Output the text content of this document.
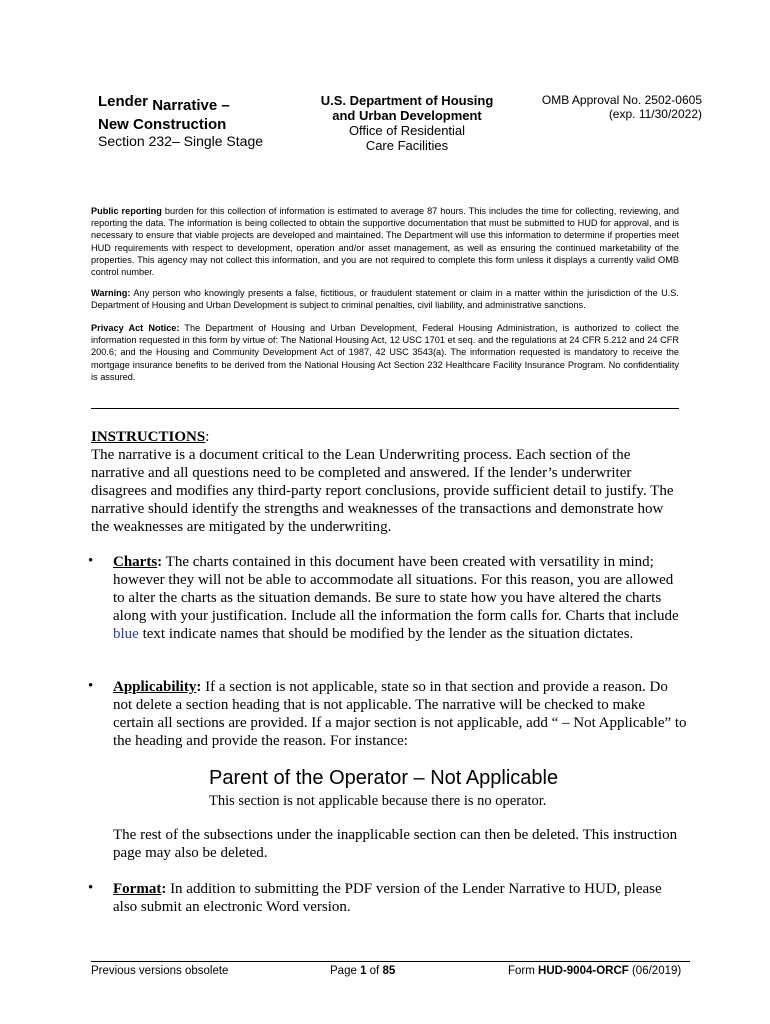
Lender Narrative –
New Construction
Section 232– Single Stage
U.S. Department of Housing
and Urban Development
Office of Residential
Care Facilities
OMB Approval No. 2502-0605
(exp. 11/30/2022)
Public reporting burden for this collection of information is estimated to average 87 hours. This includes the time for collecting, reviewing, and reporting the data. The information is being collected to obtain the supportive documentation that must be submitted to HUD for approval, and is necessary to ensure that viable projects are developed and maintained. The Department will use this information to determine if properties meet HUD requirements with respect to development, operation and/or asset management, as well as ensuring the continued marketability of the properties. This agency may not collect this information, and you are not required to complete this form unless it displays a currently valid OMB control number.
Warning: Any person who knowingly presents a false, fictitious, or fraudulent statement or claim in a matter within the jurisdiction of the U.S. Department of Housing and Urban Development is subject to criminal penalties, civil liability, and administrative sanctions.
Privacy Act Notice: The Department of Housing and Urban Development, Federal Housing Administration, is authorized to collect the information requested in this form by virtue of: The National Housing Act, 12 USC 1701 et seq. and the regulations at 24 CFR 5.212 and 24 CFR 200.6; and the Housing and Community Development Act of 1987, 42 USC 3543(a). The information requested is mandatory to receive the mortgage insurance benefits to be derived from the National Housing Act Section 232 Healthcare Facility Insurance Program. No confidentiality is assured.
INSTRUCTIONS:
The narrative is a document critical to the Lean Underwriting process. Each section of the narrative and all questions need to be completed and answered. If the lender’s underwriter disagrees and modifies any third-party report conclusions, provide sufficient detail to justify. The narrative should identify the strengths and weaknesses of the transactions and demonstrate how the weaknesses are mitigated by the underwriting.
• Charts: The charts contained in this document have been created with versatility in mind; however they will not be able to accommodate all situations. For this reason, you are allowed to alter the charts as the situation demands. Be sure to state how you have altered the charts along with your justification. Include all the information the form calls for. Charts that include blue text indicate names that should be modified by the lender as the situation dictates.
• Applicability: If a section is not applicable, state so in that section and provide a reason. Do not delete a section heading that is not applicable. The narrative will be checked to make certain all sections are provided. If a major section is not applicable, add “ – Not Applicable” to the heading and provide the reason. For instance:
Parent of the Operator – Not Applicable
This section is not applicable because there is no operator.
The rest of the subsections under the inapplicable section can then be deleted. This instruction page may also be deleted.
• Format: In addition to submitting the PDF version of the Lender Narrative to HUD, please also submit an electronic Word version.
Previous versions obsolete	Page 1 of 85	Form HUD-9004-ORCF (06/2019)
